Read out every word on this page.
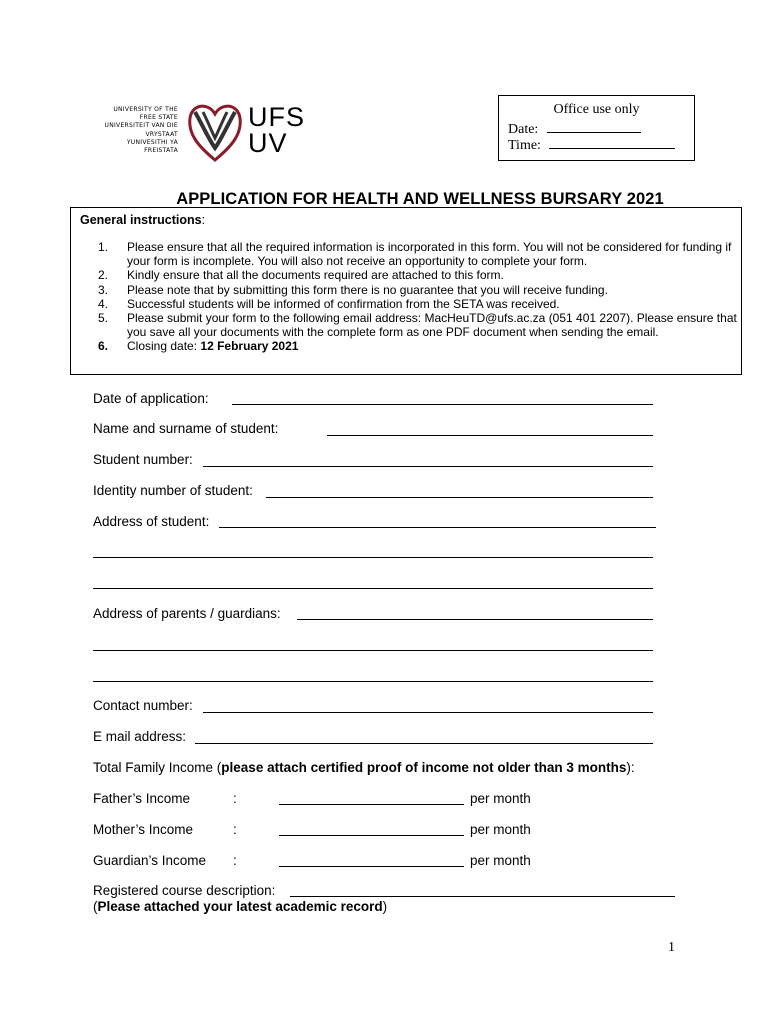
UNIVERSITY OF THE
FREE STATE
UNIVERSITEIT VAN DIE
VRYSTAAT
YUNIVESITHI YA
FREISTATA
UFS
UV
Office use only
Date:
Time:
APPLICATION FOR HEALTH AND WELLNESS BURSARY 2021
General instructions:
1.	Please ensure that all the required information is incorporated in this form. You will not be considered for funding if your form is incomplete. You will also not receive an opportunity to complete your form.
2.	Kindly ensure that all the documents required are attached to this form.
3.	Please note that by submitting this form there is no guarantee that you will receive funding.
4.	Successful students will be informed of confirmation from the SETA was received.
5.	Please submit your form to the following email address: MacHeuTD@ufs.ac.za (051 401 2207). Please ensure that you save all your documents with the complete form as one PDF document when sending the email.
6.	Closing date: 12 February 2021
Date of application:
Name and surname of student:
Student number:
Identity number of student:
Address of student:
Address of parents / guardians:
Contact number:
E mail address:
Total Family Income (please attach certified proof of income not older than 3 months):
Father’s Income	:	per month
Mother’s Income	:	per month
Guardian’s Income :	per month
Registered course description:
(Please attached your latest academic record)
1
